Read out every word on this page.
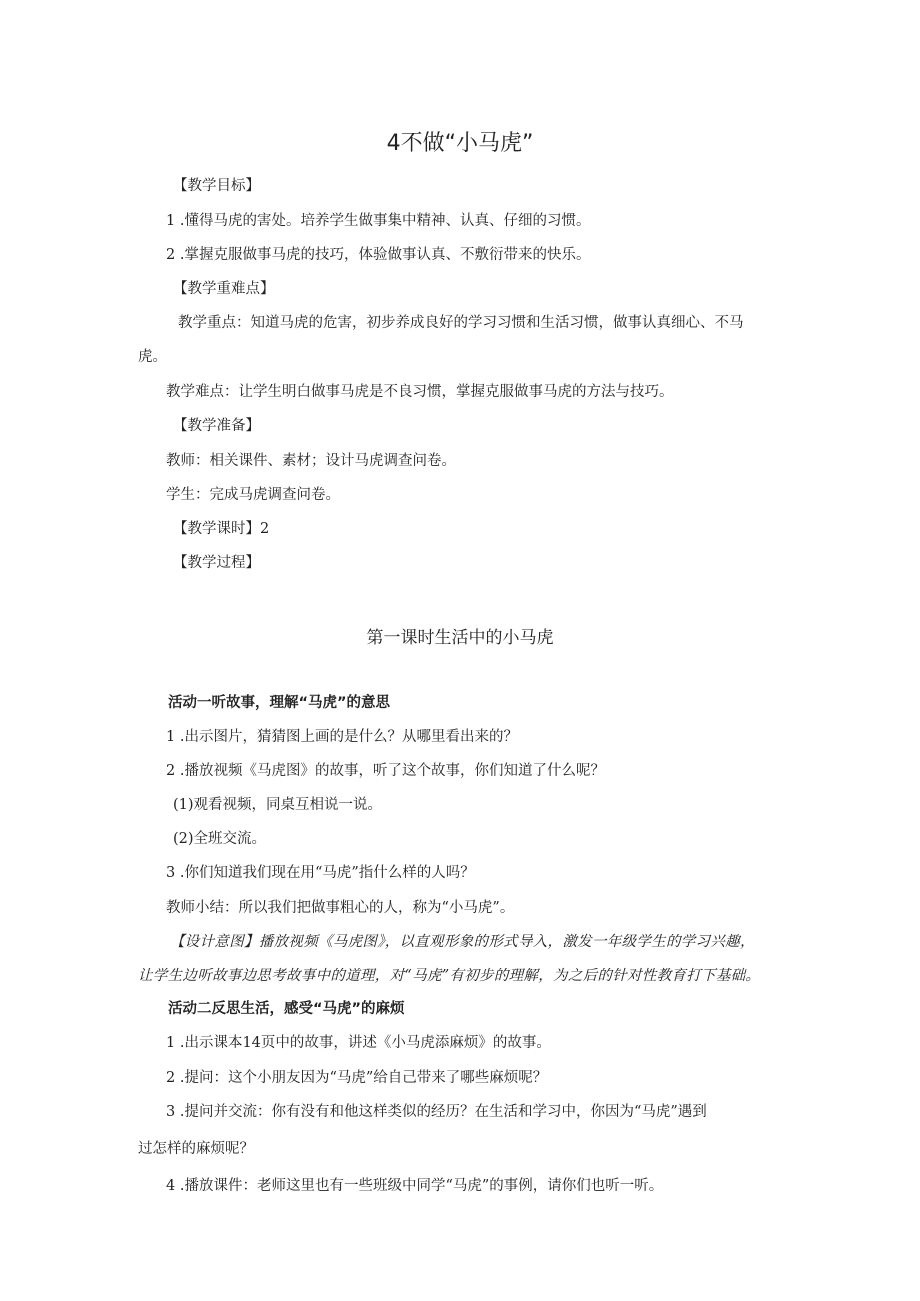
4不做“小马虎”
【教学目标】
1 .懂得马虎的害处。培养学生做事集中精神、认真、仔细的习惯。
2 .掌握克服做事马虎的技巧，体验做事认真、不敷衍带来的快乐。
【教学重难点】
教学重点：知道马虎的危害，初步养成良好的学习习惯和生活习惯，做事认真细心、不马
虎。
教学难点：让学生明白做事马虎是不良习惯，掌握克服做事马虎的方法与技巧。
【教学准备】
教师：相关课件、素材；设计马虎调查问卷。
学生：完成马虎调查问卷。
【教学课时】2
【教学过程】
第一课时生活中的小马虎
活动一听故事，理解“马虎”的意思
1 .出示图片，猜猜图上画的是什么？从哪里看出来的？
2 .播放视频《马虎图》的故事，听了这个故事，你们知道了什么呢？
(1)观看视频，同桌互相说一说。
(2)全班交流。
3 .你们知道我们现在用“马虎”指什么样的人吗？
教师小结：所以我们把做事粗心的人，称为“小马虎”。
【设计意图】播放视频《马虎图》，以直观形象的形式导入，激发一年级学生的学习兴趣，
让学生边听故事边思考故事中的道理，对“马虎”有初步的理解，为之后的针对性教育打下基础。
活动二反思生活，感受“马虎”的麻烦
1 .出示课本14页中的故事，讲述《小马虎添麻烦》的故事。
2 .提问：这个小朋友因为“马虎”给自己带来了哪些麻烦呢？
3 .提问并交流：你有没有和他这样类似的经历？在生活和学习中，你因为“马虎”遇到
过怎样的麻烦呢？
4 .播放课件：老师这里也有一些班级中同学“马虎”的事例，请你们也听一听。
